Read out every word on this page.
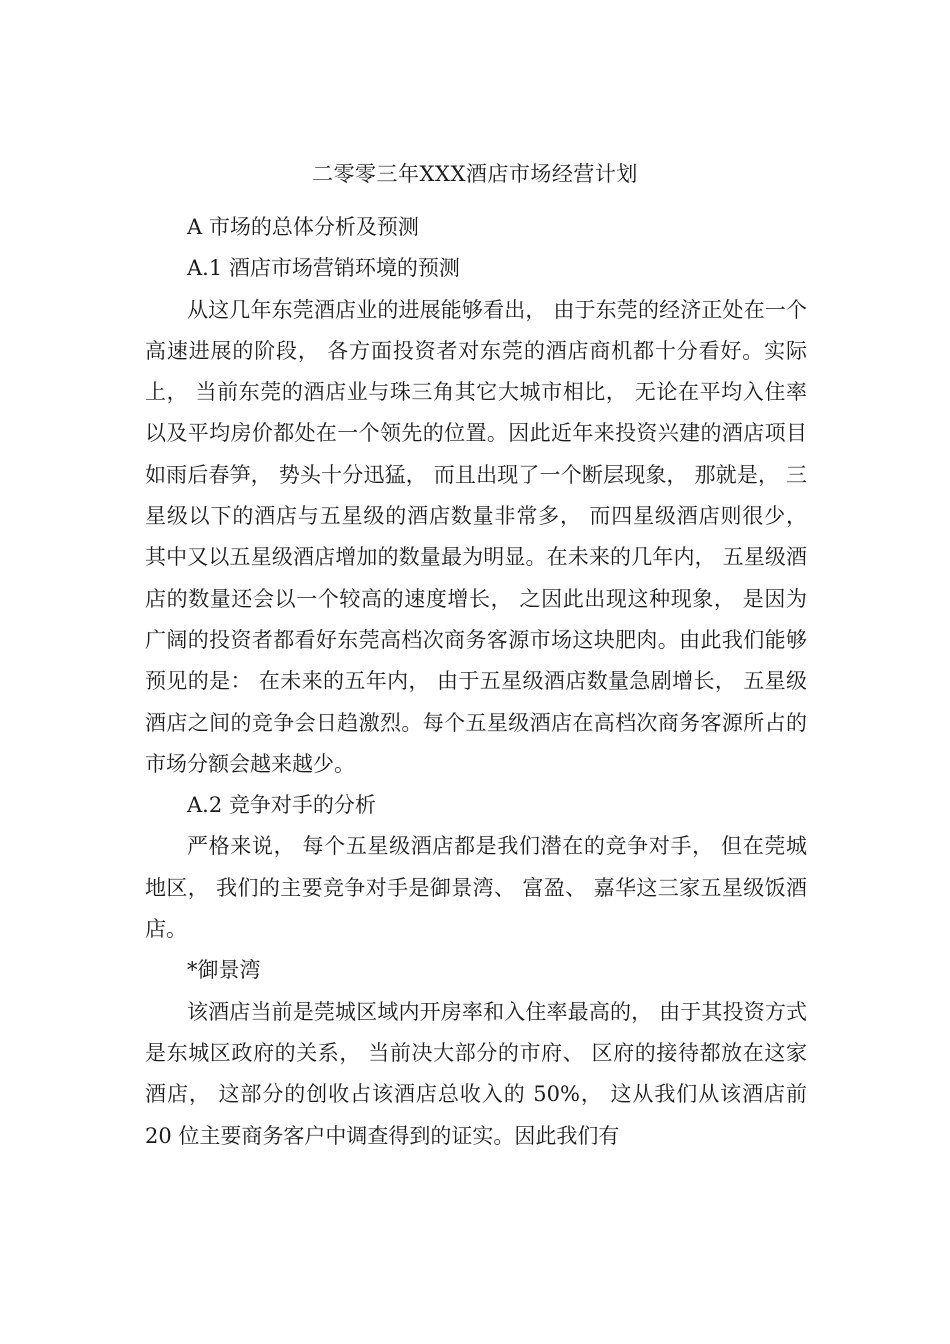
二零零三年XXX酒店市场经营计划

A 市场的总体分析及预测

A.1 酒店市场营销环境的预测

从这几年东莞酒店业的进展能够看出， 由于东莞的经济正处在一个高速进展的阶段， 各方面投资者对东莞的酒店商机都十分看好。实际上， 当前东莞的酒店业与珠三角其它大城市相比， 无论在平均入住率以及平均房价都处在一个领先的位置。因此近年来投资兴建的酒店项目如雨后春笋， 势头十分迅猛， 而且出现了一个断层现象， 那就是， 三星级以下的酒店与五星级的酒店数量非常多， 而四星级酒店则很少， 其中又以五星级酒店增加的数量最为明显。在未来的几年内， 五星级酒店的数量还会以一个较高的速度增长， 之因此出现这种现象， 是因为广阔的投资者都看好东莞高档次商务客源市场这块肥肉。由此我们能够预见的是： 在未来的五年内， 由于五星级酒店数量急剧增长， 五星级酒店之间的竞争会日趋激烈。每个五星级酒店在高档次商务客源所占的市场分额会越来越少。

A.2 竞争对手的分析

严格来说， 每个五星级酒店都是我们潜在的竞争对手， 但在莞城地区， 我们的主要竞争对手是御景湾、 富盈、 嘉华这三家五星级饭酒店。

*御景湾

该酒店当前是莞城区域内开房率和入住率最高的， 由于其投资方式是东城区政府的关系， 当前决大部分的市府、 区府的接待都放在这家酒店， 这部分的创收占该酒店总收入的 50%， 这从我们从该酒店前 20 位主要商务客户中调查得到的证实。因此我们有
